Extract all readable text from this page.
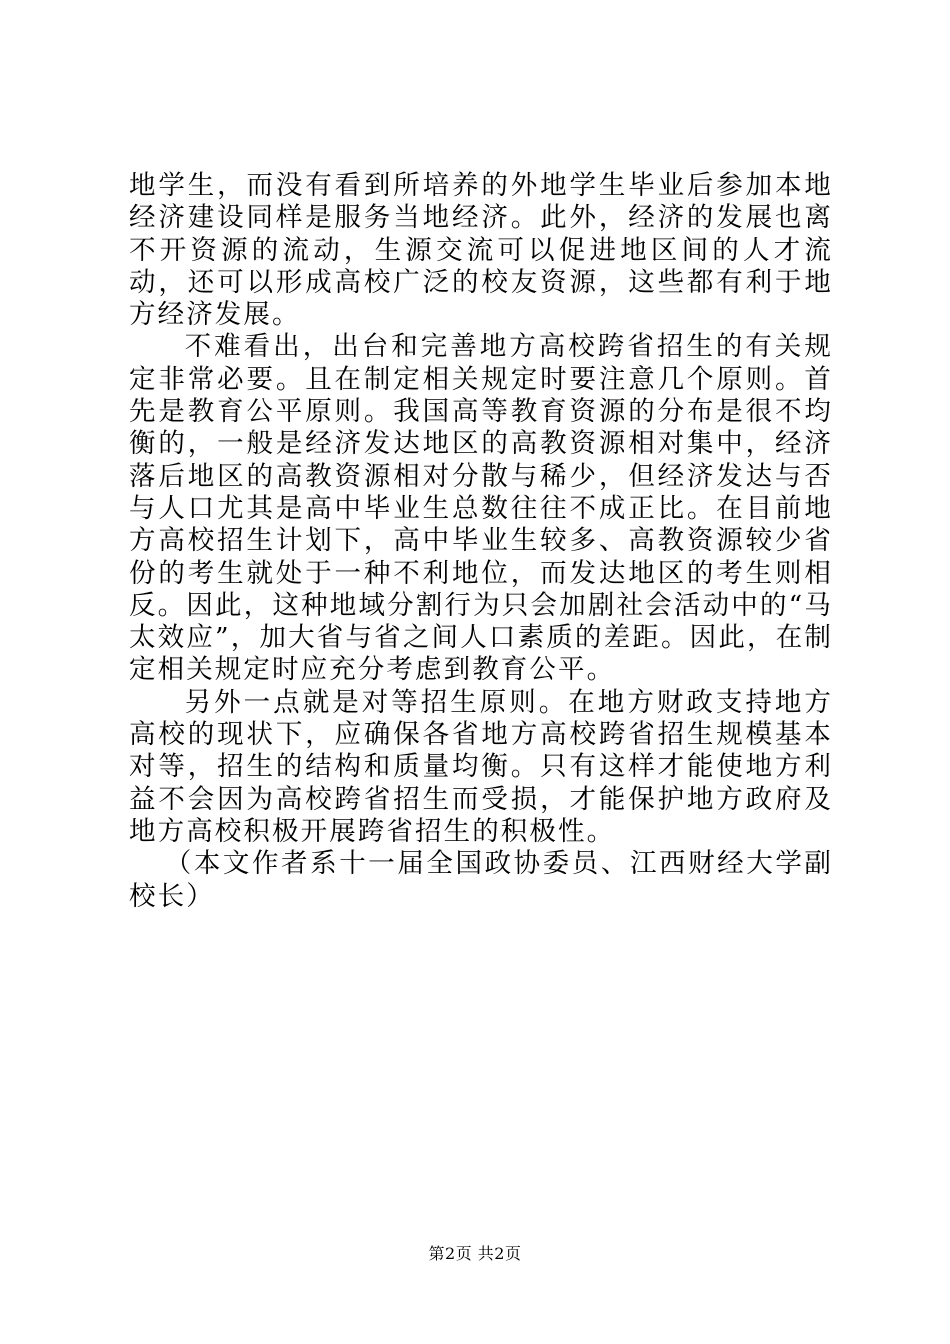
地学生，而没有看到所培养的外地学生毕业后参加本地经济建设同样是服务当地经济。此外，经济的发展也离不开资源的流动，生源交流可以促进地区间的人才流动，还可以形成高校广泛的校友资源，这些都有利于地方经济发展。

不难看出，出台和完善地方高校跨省招生的有关规定非常必要。且在制定相关规定时要注意几个原则。首先是教育公平原则。我国高等教育资源的分布是很不均衡的，一般是经济发达地区的高教资源相对集中，经济落后地区的高教资源相对分散与稀少，但经济发达与否与人口尤其是高中毕业生总数往往不成正比。在目前地方高校招生计划下，高中毕业生较多、高教资源较少省份的考生就处于一种不利地位，而发达地区的考生则相反。因此，这种地域分割行为只会加剧社会活动中的“马太效应”，加大省与省之间人口素质的差距。因此，在制定相关规定时应充分考虑到教育公平。

另外一点就是对等招生原则。在地方财政支持地方高校的现状下，应确保各省地方高校跨省招生规模基本对等，招生的结构和质量均衡。只有这样才能使地方利益不会因为高校跨省招生而受损，才能保护地方政府及地方高校积极开展跨省招生的积极性。

（本文作者系十一届全国政协委员、江西财经大学副校长）

第2页 共2页
